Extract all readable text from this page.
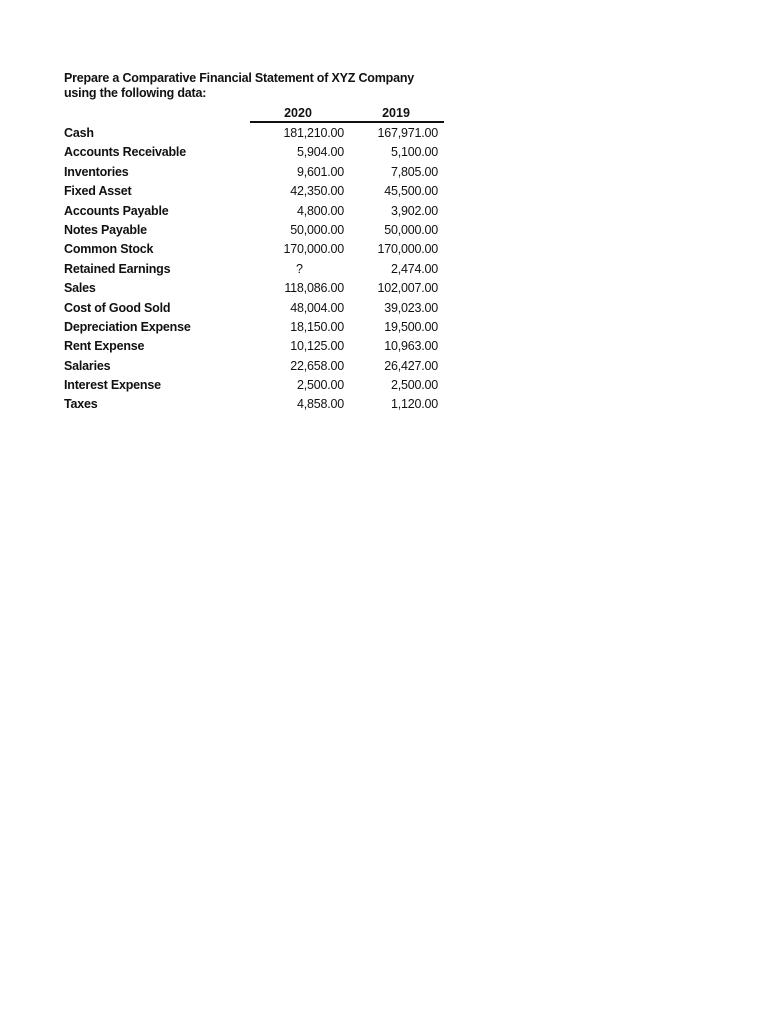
Prepare a Comparative Financial Statement of XYZ Company using the following data:

2020	2019
Cash	181,210.00	167,971.00
Accounts Receivable	5,904.00	5,100.00
Inventories	9,601.00	7,805.00
Fixed Asset	42,350.00	45,500.00
Accounts Payable	4,800.00	3,902.00
Notes Payable	50,000.00	50,000.00
Common Stock	170,000.00	170,000.00
Retained Earnings	?	2,474.00
Sales	118,086.00	102,007.00
Cost of Good Sold	48,004.00	39,023.00
Depreciation Expense	18,150.00	19,500.00
Rent Expense	10,125.00	10,963.00
Salaries	22,658.00	26,427.00
Interest Expense	2,500.00	2,500.00
Taxes	4,858.00	1,120.00
